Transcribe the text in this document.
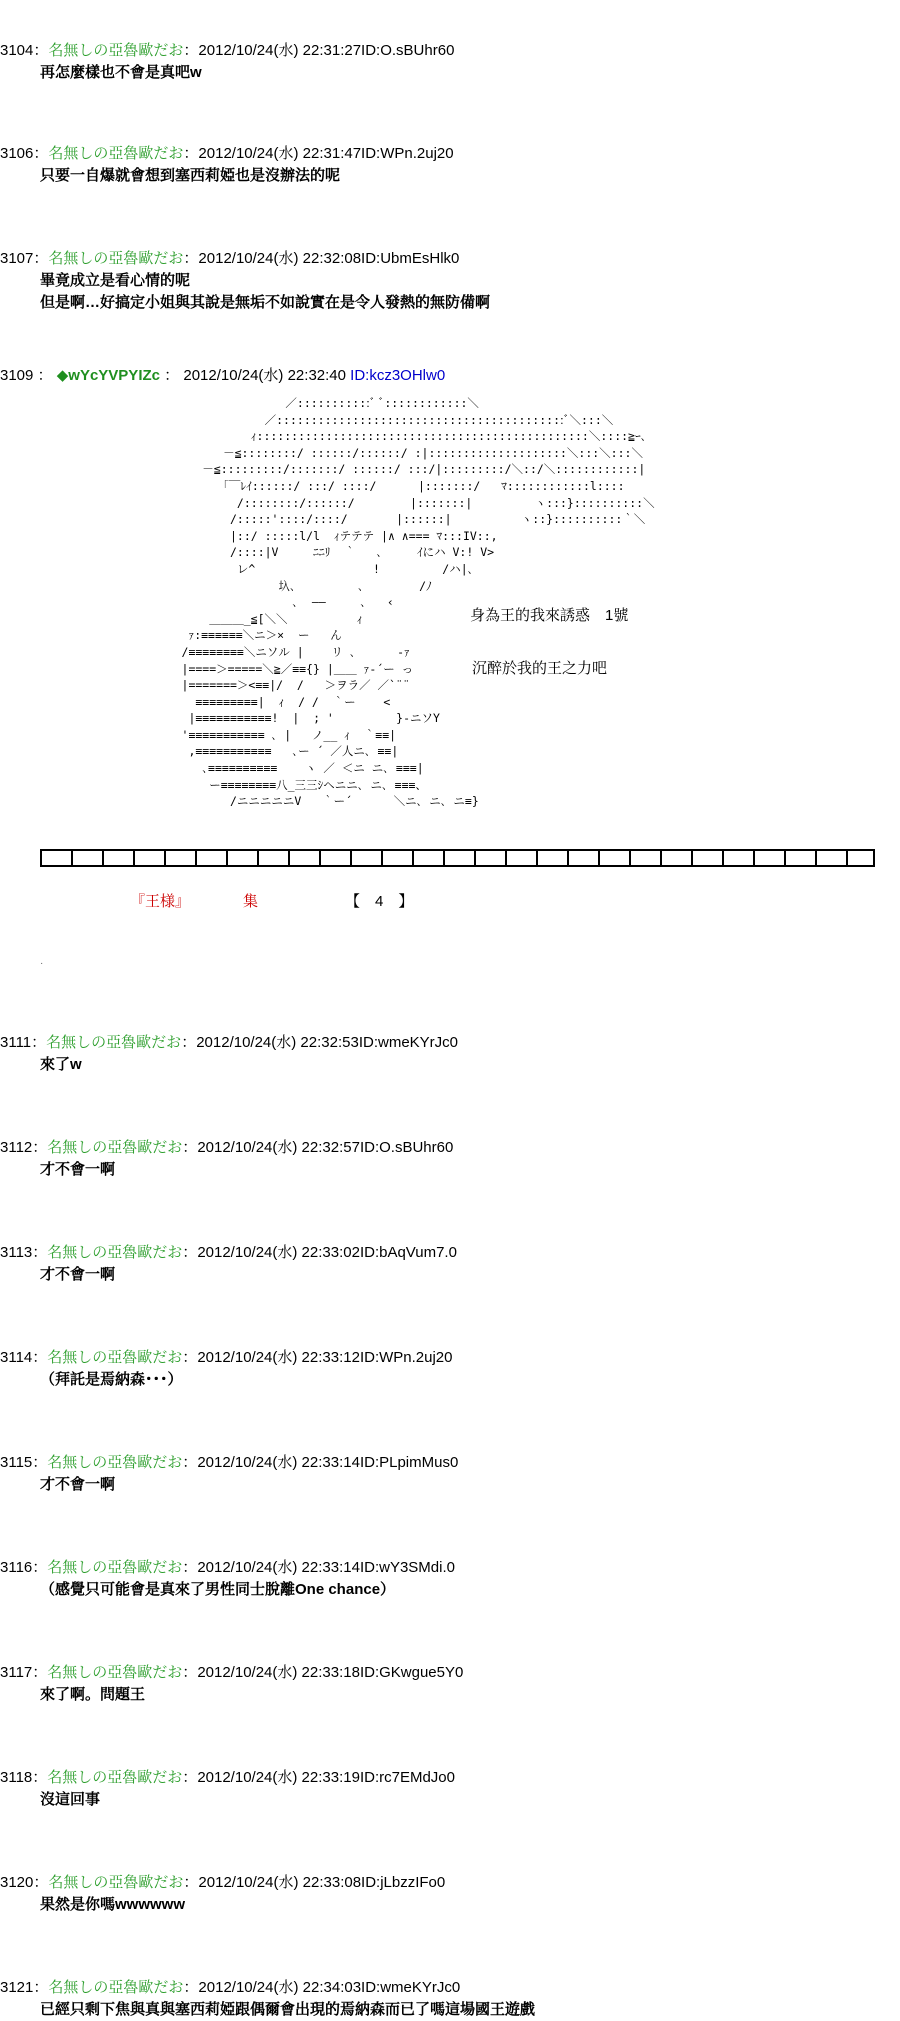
3104：名無しの亞魯歐だお：2012/10/24(水) 22:31:27ID:O.sBUhr60

再怎麼樣也不會是真吧w

3106：名無しの亞魯歐だお：2012/10/24(水) 22:31:47ID:WPn.2uj20

只要一自爆就會想到塞西莉婭也是沒辦法的呢

3107：名無しの亞魯歐だお：2012/10/24(水) 22:32:08ID:UbmEsHlk0

畢竟成立是看心情的呢

但是啊…好搞定小姐與其說是無垢不如說實在是令人發熱的無防備啊

3109 ： ◆wYcYVPYIZc ： 2012/10/24(水) 22:32:40 ID:kcz3OHlw0
／:::::::::::ﾞ ﾞ::::::::::::＼
／::::::::::::::::::::::::::::::::::::::::::ﾞ＼:::＼
ｨ::::::::::::::::::::::::::::::::::::::::::::::::＼::::≧ｰ､
－≦::::::::/ ::::::/::::::/ :|::::::::::::::::::::＼:::＼:::＼
－≦:::::::::/:::::::/ ::::::/ :::/|:::::::::/＼::/＼::::::::::::|
｢￣ﾚｲ::::::/ :::/ ::::/      |:::::::/   ﾏ::::::::::::l::::
/::::::::/::::::/        |:::::::|         ヽ:::}::::::::::＼
/:::::'::::/::::/       |::::::|          ヽ::}::::::::::｀＼
|::/ :::::l/l  ｨテテテ |∧ ∧=== ﾏ:::IV::,
/::::|V     ﾆﾆﾘ  ｀   ､     ｲにハ V:! V>
レ^                 !         /ハ|､
圦､         ､        /ﾉ
､  ――     ､   ‹
＿＿＿_≦[＼＼          ｨ
ｧ:≡≡≡≡≡≡＼ニ＞×  ー   ん
/≡≡≡≡≡≡≡≡＼ニソル |    リ ､      -ｧ
|====＞=====＼≧／≡≡{} |＿＿ ｧ-´ー っ
|=======＞<≡≡|/  /   ＞ヲラ／ ／`¨¨
≡≡≡≡≡≡≡≡≡|  ｨ  / /  ｀ー    <
|≡≡≡≡≡≡≡≡≡≡≡!  |  ; '         }-ニソY
'≡≡≡≡≡≡≡≡≡≡≡ ､ |   ノ__ ｨ  ｀≡≡|
,≡≡≡≡≡≡≡≡≡≡≡   ､ー ´ ／人ニ､ ≡≡|
､≡≡≡≡≡≡≡≡≡≡    ヽ ／ ＜ニ ニ､ ≡≡≡|
ー≡≡≡≡≡≡≡≡八_三三ｼヘニニ､ ニ､ ≡≡≡、
/ニニニニニV   ｀ー´      ＼ニ､ ニ､ ニ≡}
身為王的我來誘惑　1號
沉醉於我的王之力吧
『王様』	集	【　4　】
·
3111：名無しの亞魯歐だお：2012/10/24(水) 22:32:53ID:wmeKYrJc0

來了w

3112：名無しの亞魯歐だお：2012/10/24(水) 22:32:57ID:O.sBUhr60

才不會一啊

3113：名無しの亞魯歐だお：2012/10/24(水) 22:33:02ID:bAqVum7.0

才不會一啊

3114：名無しの亞魯歐だお：2012/10/24(水) 22:33:12ID:WPn.2uj20

（拜託是焉納森･･･）

3115：名無しの亞魯歐だお：2012/10/24(水) 22:33:14ID:PLpimMus0

才不會一啊

3116：名無しの亞魯歐だお：2012/10/24(水) 22:33:14ID:wY3SMdi.0

（感覺只可能會是真來了男性同士脫離One chance）

3117：名無しの亞魯歐だお：2012/10/24(水) 22:33:18ID:GKwgue5Y0

來了啊。問題王

3118：名無しの亞魯歐だお：2012/10/24(水) 22:33:19ID:rc7EMdJo0

沒這回事

3120：名無しの亞魯歐だお：2012/10/24(水) 22:33:08ID:jLbzzIFo0

果然是你嗎wwwwww

3121：名無しの亞魯歐だお：2012/10/24(水) 22:34:03ID:wmeKYrJc0

已經只剩下焦與真與塞西莉婭跟偶爾會出現的焉納森而已了嗎這場國王遊戲
